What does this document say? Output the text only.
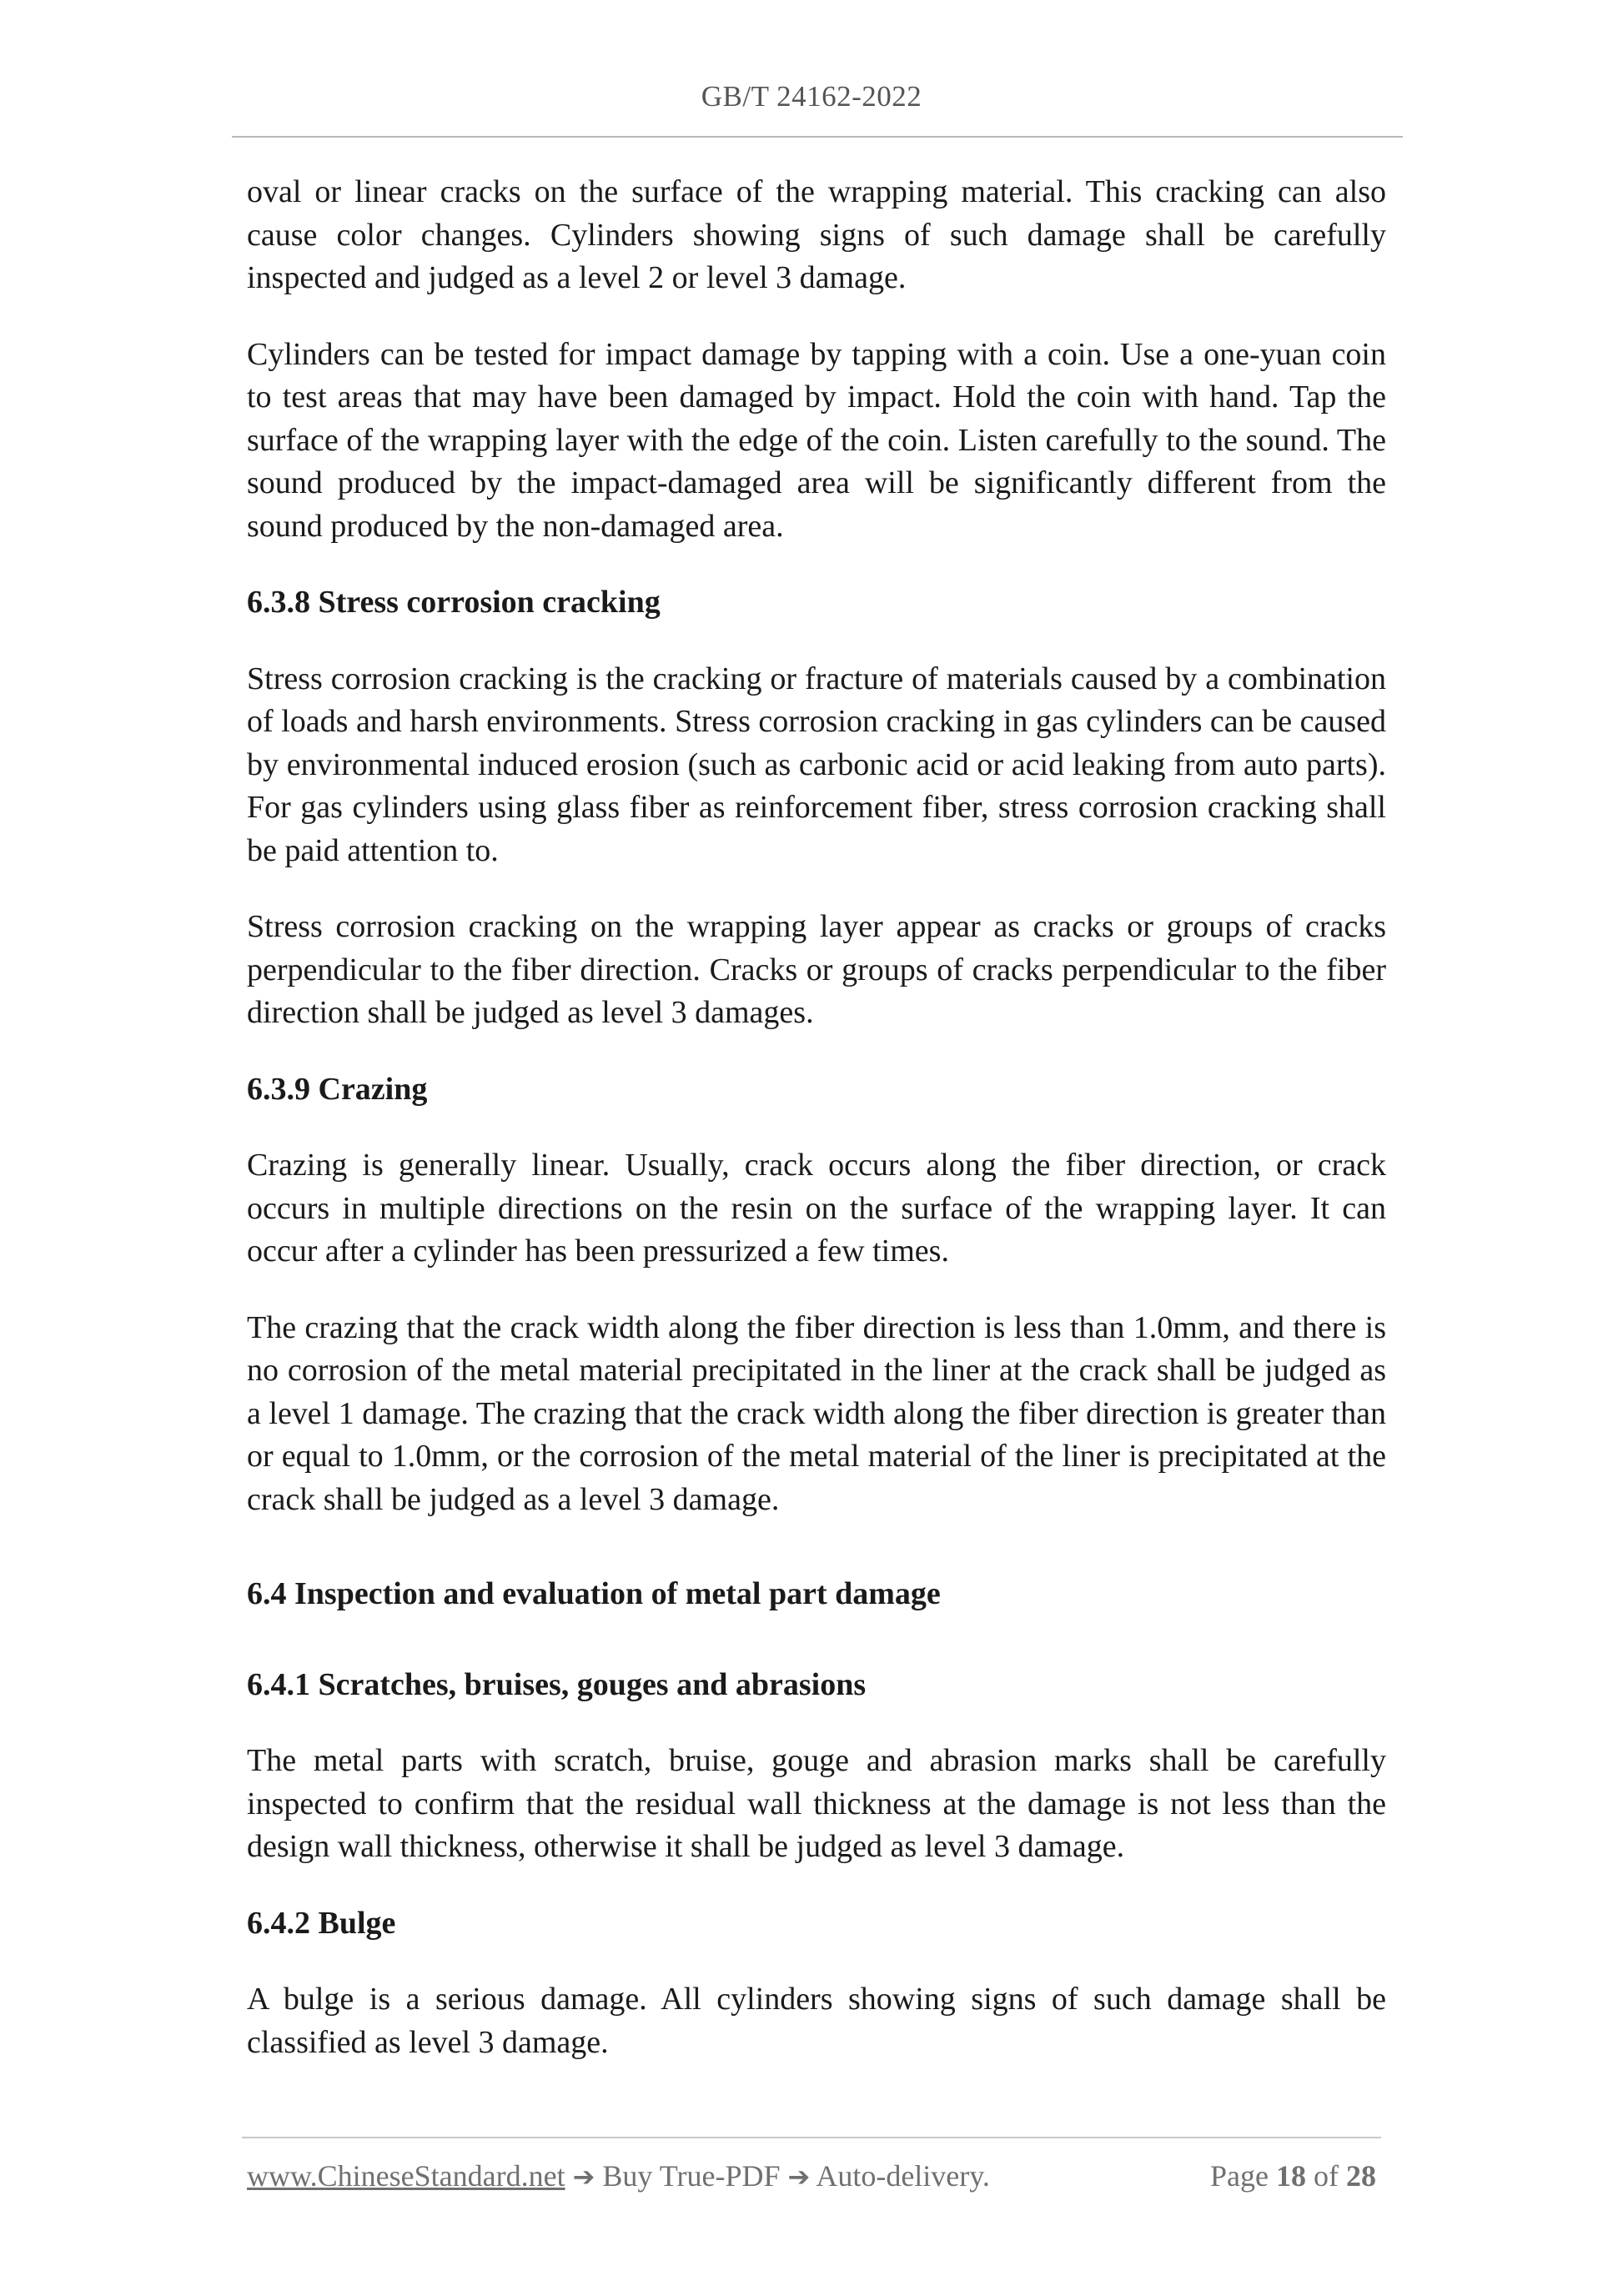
GB/T 24162-2022

oval or linear cracks on the surface of the wrapping material. This cracking can also cause color changes. Cylinders showing signs of such damage shall be carefully inspected and judged as a level 2 or level 3 damage.

Cylinders can be tested for impact damage by tapping with a coin. Use a one-yuan coin to test areas that may have been damaged by impact. Hold the coin with hand. Tap the surface of the wrapping layer with the edge of the coin. Listen carefully to the sound. The sound produced by the impact-damaged area will be significantly different from the sound produced by the non-damaged area.

6.3.8 Stress corrosion cracking

Stress corrosion cracking is the cracking or fracture of materials caused by a combination of loads and harsh environments. Stress corrosion cracking in gas cylinders can be caused by environmental induced erosion (such as carbonic acid or acid leaking from auto parts). For gas cylinders using glass fiber as reinforcement fiber, stress corrosion cracking shall be paid attention to.

Stress corrosion cracking on the wrapping layer appear as cracks or groups of cracks perpendicular to the fiber direction. Cracks or groups of cracks perpendicular to the fiber direction shall be judged as level 3 damages.

6.3.9 Crazing

Crazing is generally linear. Usually, crack occurs along the fiber direction, or crack occurs in multiple directions on the resin on the surface of the wrapping layer. It can occur after a cylinder has been pressurized a few times.

The crazing that the crack width along the fiber direction is less than 1.0mm, and there is no corrosion of the metal material precipitated in the liner at the crack shall be judged as a level 1 damage. The crazing that the crack width along the fiber direction is greater than or equal to 1.0mm, or the corrosion of the metal material of the liner is precipitated at the crack shall be judged as a level 3 damage.

6.4 Inspection and evaluation of metal part damage
6.4.1 Scratches, bruises, gouges and abrasions

The metal parts with scratch, bruise, gouge and abrasion marks shall be carefully inspected to confirm that the residual wall thickness at the damage is not less than the design wall thickness, otherwise it shall be judged as level 3 damage.

6.4.2 Bulge

A bulge is a serious damage. All cylinders showing signs of such damage shall be classified as level 3 damage.

www.ChineseStandard.net ➔ Buy True-PDF ➔ Auto-delivery.	Page 18 of 28
